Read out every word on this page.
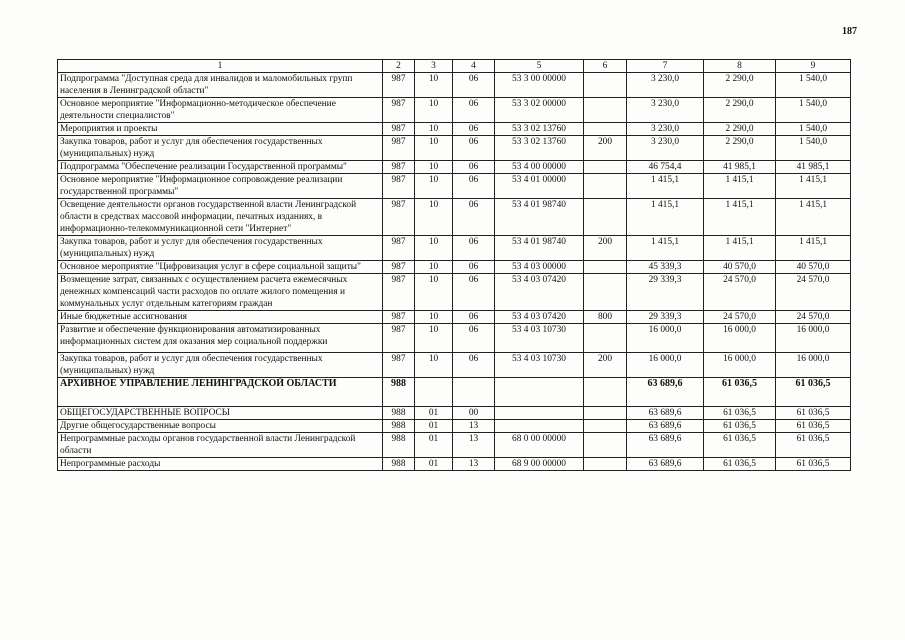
187
1	2	3	4	5	6	7	8	9
Подпрограмма "Доступная среда для инвалидов и маломобильных групп населения в Ленинградской области"	987	10	06	53 3 00 00000		3 230,0	2 290,0	1 540,0
Основное мероприятие "Информационно-методическое обеспечение деятельности специалистов"	987	10	06	53 3 02 00000		3 230,0	2 290,0	1 540,0
Мероприятия и проекты	987	10	06	53 3 02 13760		3 230,0	2 290,0	1 540,0
Закупка товаров, работ и услуг для обеспечения государственных (муниципальных) нужд	987	10	06	53 3 02 13760	200	3 230,0	2 290,0	1 540,0
Подпрограмма "Обеспечение реализации Государственной программы"	987	10	06	53 4 00 00000		46 754,4	41 985,1	41 985,1
Основное мероприятие "Информационное сопровождение реализации государственной программы"	987	10	06	53 4 01 00000		1 415,1	1 415,1	1 415,1
Освещение деятельности органов государственной власти Ленинградской области в средствах массовой информации, печатных изданиях, в информационно-телекоммуникационной сети "Интернет"	987	10	06	53 4 01 98740		1 415,1	1 415,1	1 415,1
Закупка товаров, работ и услуг для обеспечения государственных (муниципальных) нужд	987	10	06	53 4 01 98740	200	1 415,1	1 415,1	1 415,1
Основное мероприятие "Цифровизация услуг в сфере социальной защиты"	987	10	06	53 4 03 00000		45 339,3	40 570,0	40 570,0
Возмещение затрат, связанных с осуществлением расчета ежемесячных денежных компенсаций части расходов по оплате жилого помещения и коммунальных услуг отдельным категориям граждан	987	10	06	53 4 03 07420		29 339,3	24 570,0	24 570,0
Иные бюджетные ассигнования	987	10	06	53 4 03 07420	800	29 339,3	24 570,0	24 570,0
Развитие и обеспечение функционирования автоматизированных информационных систем для оказания мер социальной поддержки	987	10	06	53 4 03 10730		16 000,0	16 000,0	16 000,0
Закупка товаров, работ и услуг для обеспечения государственных (муниципальных) нужд	987	10	06	53 4 03 10730	200	16 000,0	16 000,0	16 000,0
АРХИВНОЕ УПРАВЛЕНИЕ ЛЕНИНГРАДСКОЙ ОБЛАСТИ	988					63 689,6	61 036,5	61 036,5
ОБЩЕГОСУДАРСТВЕННЫЕ ВОПРОСЫ	988	01	00			63 689,6	61 036,5	61 036,5
Другие общегосударственные вопросы	988	01	13			63 689,6	61 036,5	61 036,5
Непрограммные расходы органов государственной власти Ленинградской области	988	01	13	68 0 00 00000		63 689,6	61 036,5	61 036,5
Непрограммные расходы	988	01	13	68 9 00 00000		63 689,6	61 036,5	61 036,5
